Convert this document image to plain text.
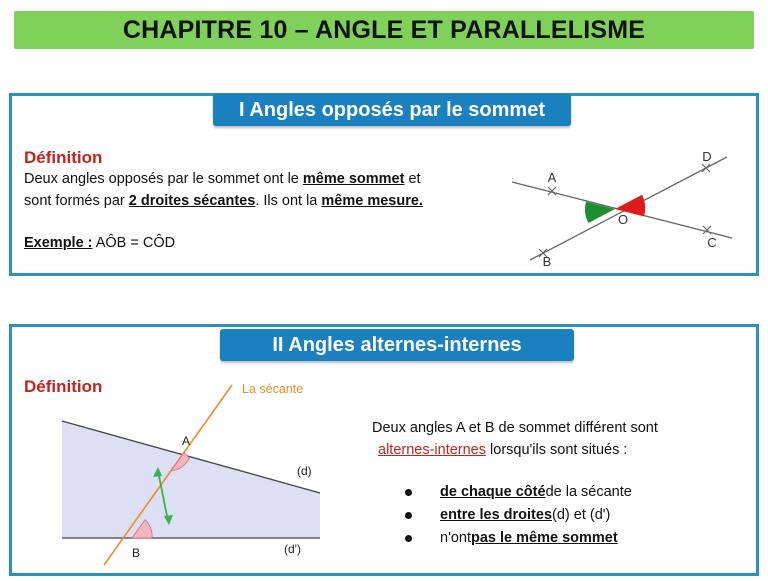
CHAPITRE 10 – ANGLE ET PARALLELISME
I Angles opposés par le sommet
Définition
Deux angles opposés par le sommet ont le même sommet et
sont formés par 2 droites sécantes. Ils ont la même mesure.
Exemple : AÔB = CÔD
A
B
C
D
O
II Angles alternes-internes
Définition	La sécante
A
B
(d)
(d')
Deux angles A et B de sommet différent sont
alternes-internes lorsqu'ils sont situés :
de chaque côté de la sécante
entre les droites (d) et (d')
n'ont pas le même sommet
